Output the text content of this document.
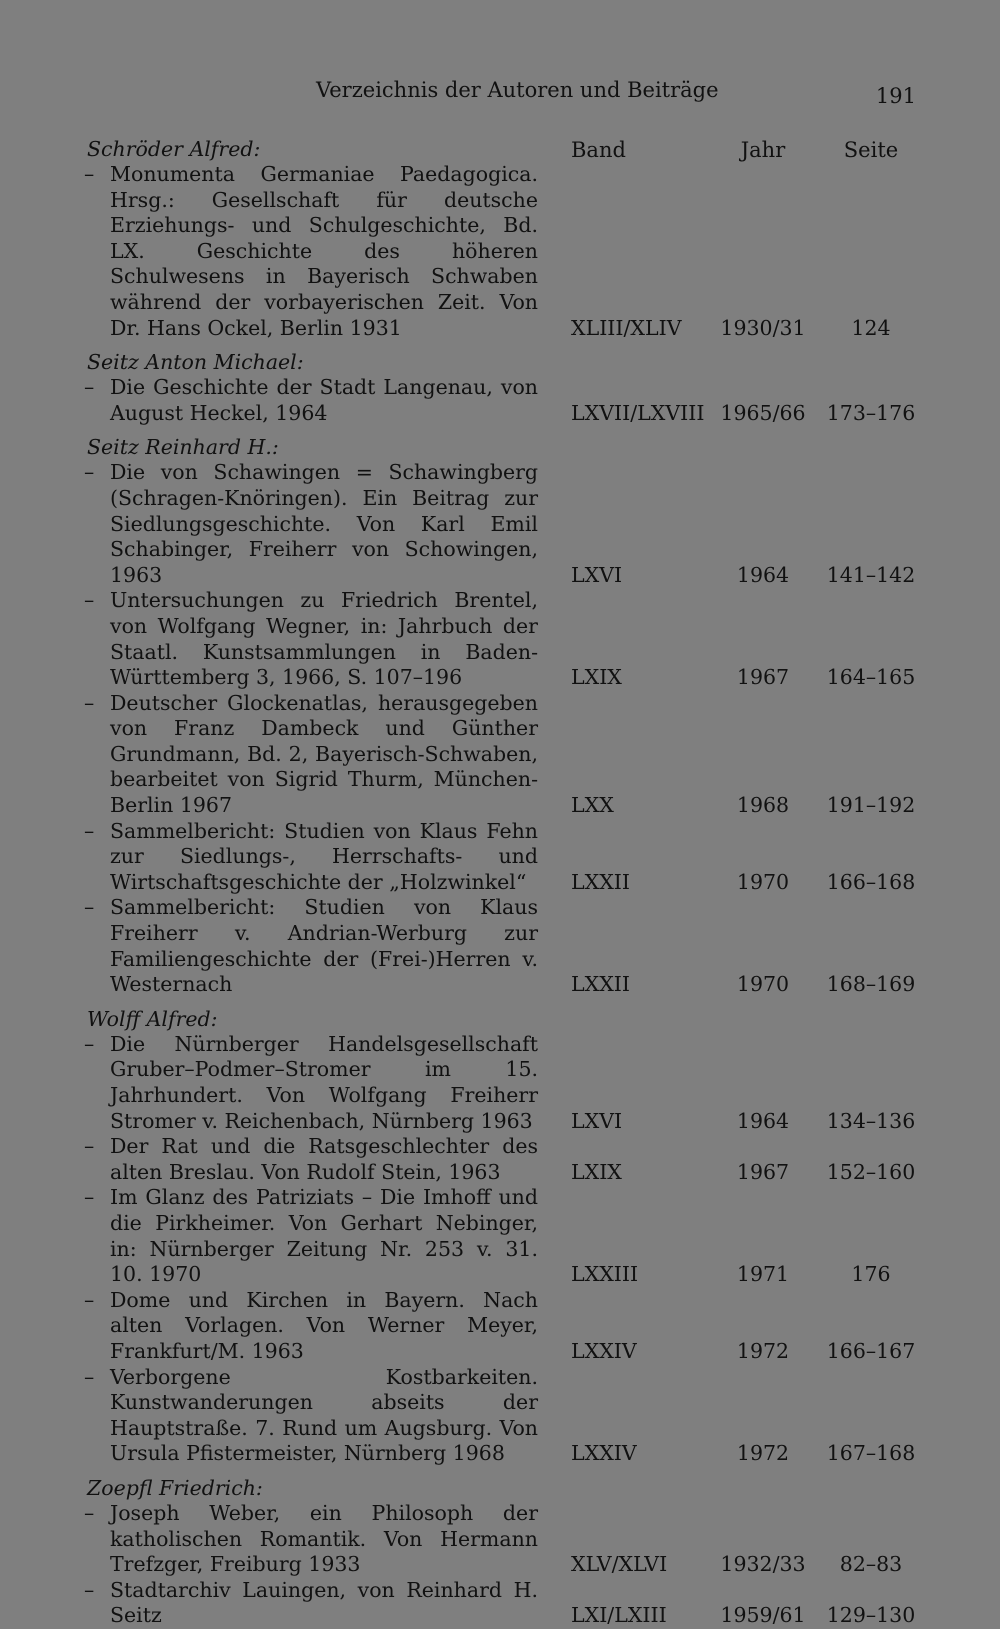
Verzeichnis der Autoren und Beiträge	191
Band	Jahr	Seite
Schröder Alfred:
– Monumenta Germaniae Paedagogica. Hrsg.: Gesellschaft für deutsche Erziehungs- und Schulgeschichte, Bd. LX. Geschichte des höheren Schulwesens in Bayerisch Schwaben während der vorbayerischen Zeit. Von Dr. Hans Ockel, Berlin 1931	XLIII/XLIV	1930/31	124
Seitz Anton Michael:
– Die Geschichte der Stadt Langenau, von August Heckel, 1964	LXVII/LXVIII 1965/66	173–176
Seitz Reinhard H.:
– Die von Schawingen = Schawingberg (Schragen-Knöringen). Ein Beitrag zur Siedlungsgeschichte. Von Karl Emil Schabinger, Freiherr von Schowingen, 1963	LXVI	1964	141–142
– Untersuchungen zu Friedrich Brentel, von Wolfgang Wegner, in: Jahrbuch der Staatl. Kunstsammlungen in Baden-Württemberg 3, 1966, S. 107–196	LXIX	1967	164–165
– Deutscher Glockenatlas, herausgegeben von Franz Dambeck und Günther Grundmann, Bd. 2, Bayerisch-Schwaben, bearbeitet von Sigrid Thurm, München-Berlin 1967	LXX	1968	191–192
– Sammelbericht: Studien von Klaus Fehn zur Siedlungs-, Herrschafts- und Wirtschaftsgeschichte der „Holzwinkel“	LXXII	1970	166–168
– Sammelbericht: Studien von Klaus Freiherr v. Andrian-Werburg zur Familiengeschichte der (Frei-)Herren v. Westernach	LXXII	1970	168–169
Wolff Alfred:
– Die Nürnberger Handelsgesellschaft Gruber–Podmer–Stromer im 15. Jahrhundert. Von Wolfgang Freiherr Stromer v. Reichenbach, Nürnberg 1963 LXVI	1964	134–136
– Der Rat und die Ratsgeschlechter des alten Breslau. Von Rudolf Stein, 1963	LXIX	1967	152–160
– Im Glanz des Patriziats – Die Imhoff und die Pirkheimer. Von Gerhart Nebinger, in: Nürnberger Zeitung Nr. 253 v. 31. 10. 1970	LXXIII	1971	176
– Dome und Kirchen in Bayern. Nach alten Vorlagen. Von Werner Meyer, Frankfurt/M. 1963	LXXIV	1972	166–167
– Verborgene Kostbarkeiten. Kunstwanderungen abseits der Hauptstraße. 7. Rund um Augsburg. Von Ursula Pfistermeister, Nürnberg 1968	LXXIV	1972	167–168
Zoepfl Friedrich:
– Joseph Weber, ein Philosoph der katholischen Romantik. Von Hermann Trefzger, Freiburg 1933	XLV/XLVI	1932/33	82–83
– Stadtarchiv Lauingen, von Reinhard H. Seitz	LXI/LXIII	1959/61	129–130
